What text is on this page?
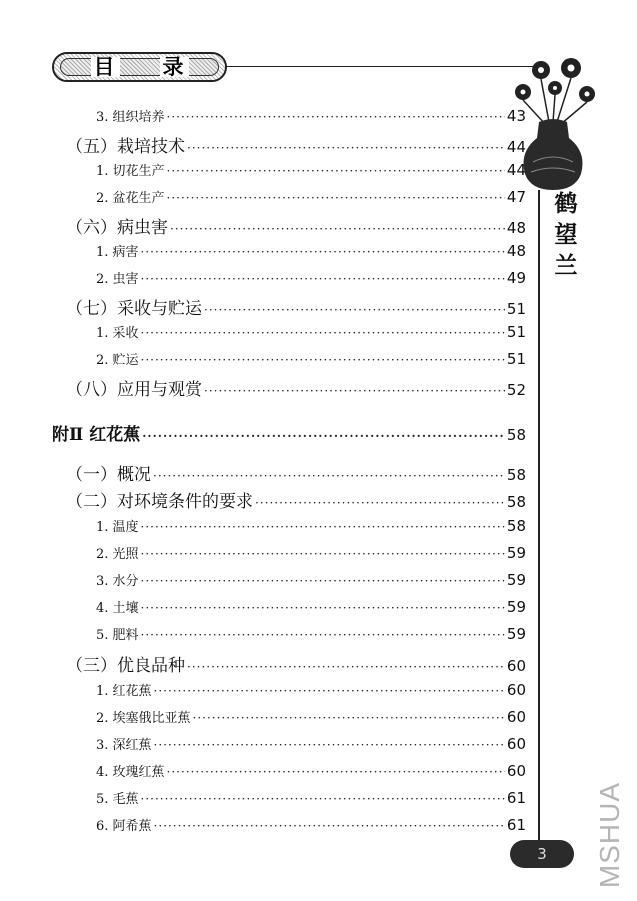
目 录
鹤
望
兰
3. 组织培养 ·····	43
（五）栽培技术 ·····	44
1. 切花生产 ·····	44
2. 盆花生产 ·····	47
（六）病虫害 ·····	48
1. 病害 ·····	48
2. 虫害 ·····	49
（七）采收与贮运 ·····	51
1. 采收 ·····	51
2. 贮运 ·····	51
（八）应用与观赏 ·····	52
附Ⅱ 红花蕉 ·····	58
（一）概况 ·····	58
（二）对环境条件的要求 ·····	58
1. 温度 ·····	58
2. 光照 ·····	59
3. 水分 ·····	59
4. 土壤 ·····	59
5. 肥料 ·····	59
（三）优良品种 ·····	60
1. 红花蕉 ·····	60
2. 埃塞俄比亚蕉 ·····	60
3. 深红蕉 ·····	60
4. 玫瑰红蕉 ·····	60
5. 毛蕉 ·····	61
6. 阿希蕉 ·····	61
3 MSHUA
